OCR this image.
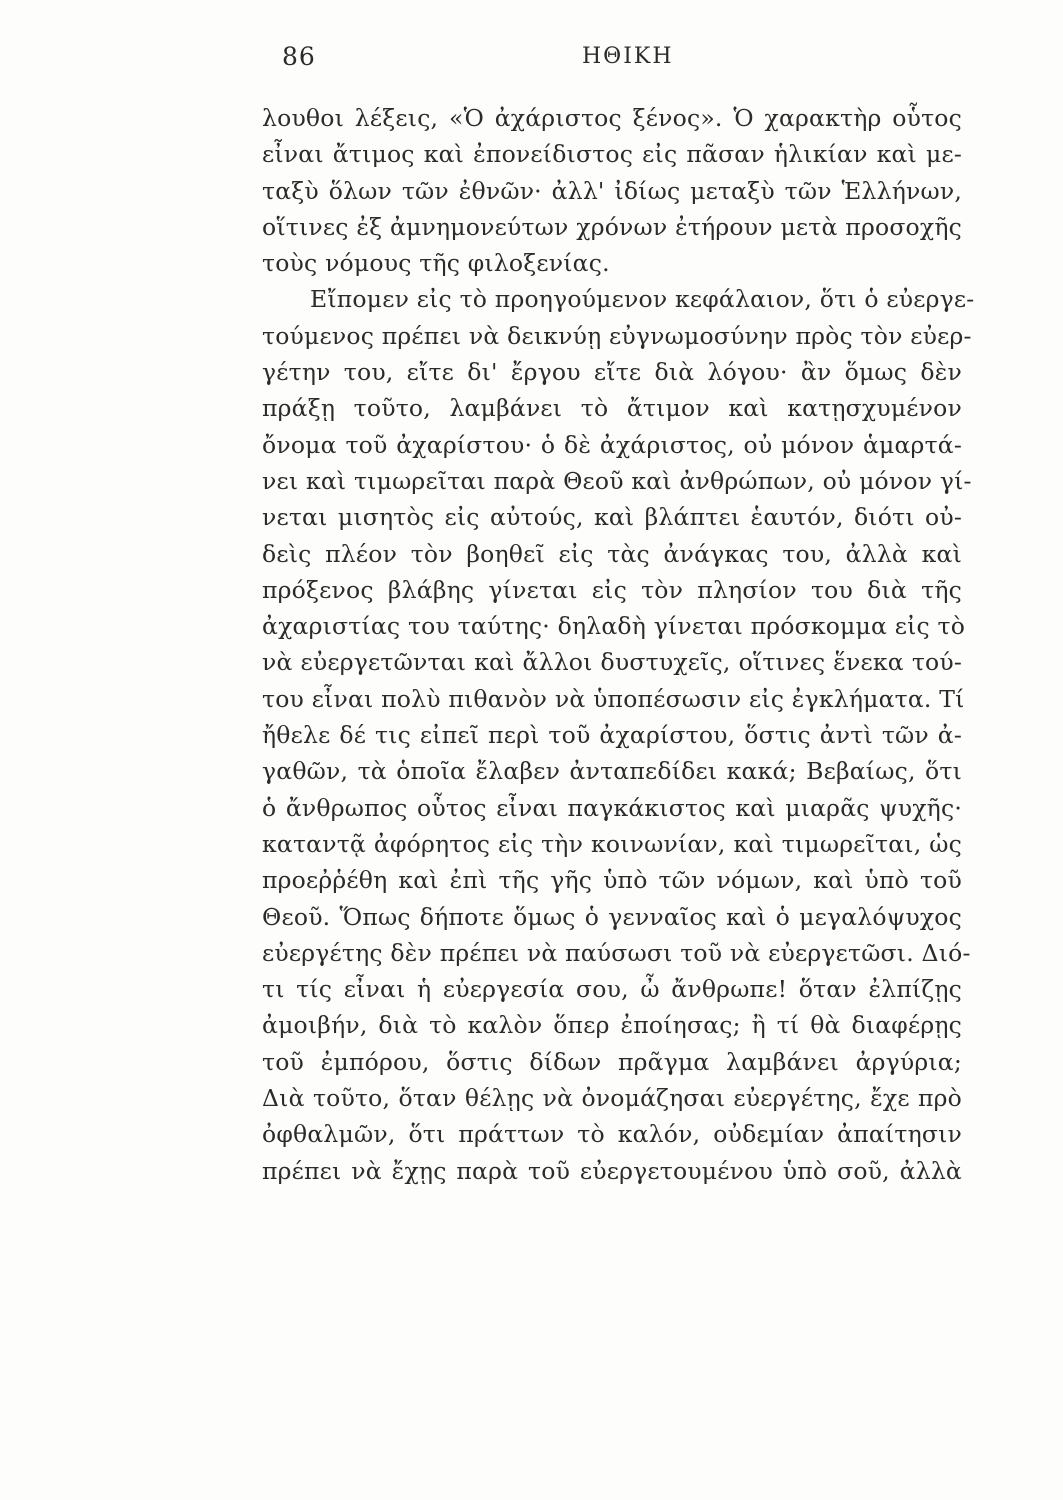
86	ΗΘΙΚΗ
λουθοι λέξεις, «Ὁ ἀχάριστος ξένος». Ὁ χαρακτὴρ οὗτος
εἶναι ἄτιμος καὶ ἐπονείδιστος εἰς πᾶσαν ἡλικίαν καὶ με-
ταξὺ ὅλων τῶν ἐθνῶν· ἀλλ' ἰδίως μεταξὺ τῶν Ἑλλήνων,
οἵτινες ἐξ ἀμνημονεύτων χρόνων ἐτήρουν μετὰ προσοχῆς
τοὺς νόμους τῆς φιλοξενίας.
Εἴπομεν εἰς τὸ προηγούμενον κεφάλαιον, ὅτι ὁ εὐεργε-
τούμενος πρέπει νὰ δεικνύῃ εὐγνωμοσύνην πρὸς τὸν εὐερ-
γέτην του, εἴτε δι' ἔργου εἴτε διὰ λόγου· ἂν ὅμως δὲν
πράξῃ τοῦτο, λαμβάνει τὸ ἄτιμον καὶ κατῃσχυμένον
ὄνομα τοῦ ἀχαρίστου· ὁ δὲ ἀχάριστος, οὐ μόνον ἁμαρτά-
νει καὶ τιμωρεῖται παρὰ Θεοῦ καὶ ἀνθρώπων, οὐ μόνον γί-
νεται μισητὸς εἰς αὐτούς, καὶ βλάπτει ἑαυτόν, διότι οὐ-
δεὶς πλέον τὸν βοηθεῖ εἰς τὰς ἀνάγκας του, ἀλλὰ καὶ
πρόξενος βλάβης γίνεται εἰς τὸν πλησίον του διὰ τῆς
ἀχαριστίας του ταύτης· δηλαδὴ γίνεται πρόσκομμα εἰς τὸ
νὰ εὐεργετῶνται καὶ ἄλλοι δυστυχεῖς, οἵτινες ἕνεκα τού-
του εἶναι πολὺ πιθανὸν νὰ ὑποπέσωσιν εἰς ἐγκλήματα. Τί
ἤθελε δέ τις εἰπεῖ περὶ τοῦ ἀχαρίστου, ὅστις ἀντὶ τῶν ἀ-
γαθῶν, τὰ ὁποῖα ἔλαβεν ἀνταπεδίδει κακά; Βεβαίως, ὅτι
ὁ ἄνθρωπος οὗτος εἶναι παγκάκιστος καὶ μιαρᾶς ψυχῆς·
καταντᾷ ἀφόρητος εἰς τὴν κοινωνίαν, καὶ τιμωρεῖται, ὡς
προεῤῥέθη καὶ ἐπὶ τῆς γῆς ὑπὸ τῶν νόμων, καὶ ὑπὸ τοῦ
Θεοῦ. Ὅπως δήποτε ὅμως ὁ γενναῖος καὶ ὁ μεγαλόψυχος
εὐεργέτης δὲν πρέπει νὰ παύσωσι τοῦ νὰ εὐεργετῶσι. Διό-
τι τίς εἶναι ἡ εὐεργεσία σου, ὦ ἄνθρωπε! ὅταν ἐλπίζῃς
ἀμοιβήν, διὰ τὸ καλὸν ὅπερ ἐποίησας; ἢ τί θὰ διαφέρῃς
τοῦ ἐμπόρου, ὅστις δίδων πρᾶγμα λαμβάνει ἀργύρια;
Διὰ τοῦτο, ὅταν θέλῃς νὰ ὀνομάζησαι εὐεργέτης, ἔχε πρὸ
ὀφθαλμῶν, ὅτι πράττων τὸ καλόν, οὐδεμίαν ἀπαίτησιν
πρέπει νὰ ἔχῃς παρὰ τοῦ εὐεργετουμένου ὑπὸ σοῦ, ἀλλὰ
